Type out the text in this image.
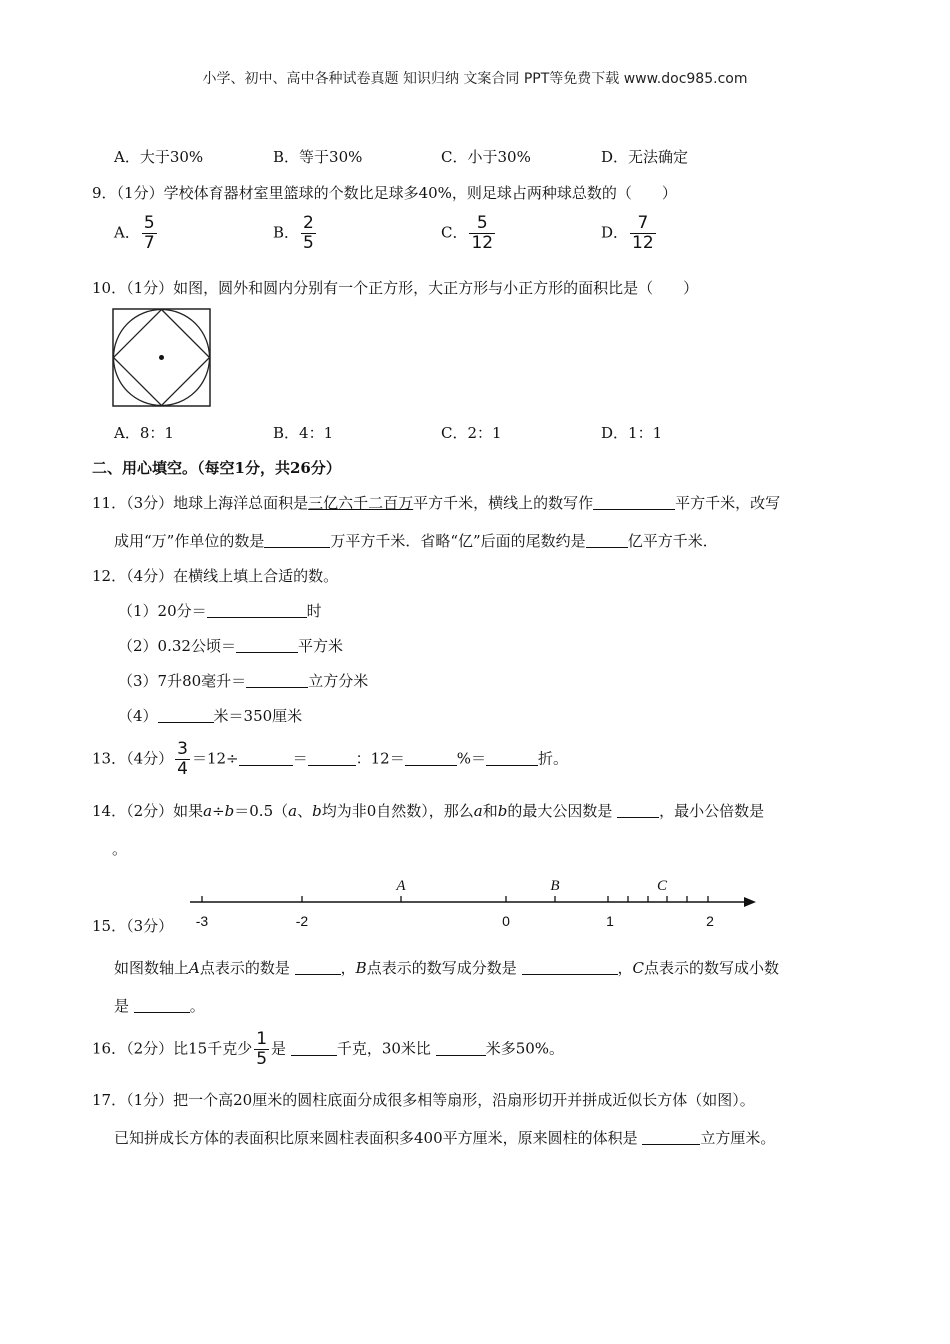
小学、初中、高中各种试卷真题 知识归纳 文案合同 PPT等免费下载 www.doc985.com
A．大于30%	B．等于30%	C．小于30%	D．无法确定
9．（1分）学校体育器材室里篮球的个数比足球多40%，则足球占两种球总数的（　　）
A． $\frac{5}{7}$	B． $\frac{2}{5}$	C． $\frac{5}{12}$	D． $\frac{7}{12}$
10．（1分）如图，圆外和圆内分别有一个正方形，大正方形与小正方形的面积比是（　　）
A．8：1	B．4：1	C．2：1	D．1：1
二、用心填空。（每空1分，共26分）
11．（3分）地球上海洋总面积是三亿六千二百万平方千米，横线上的数写作	平方千米，改写
成用“万”作单位的数是	万平方千米．省略“亿”后面的尾数约是	亿平方千米．
12．（4分）在横线上填上合适的数。
（1）20分＝	时
（2）0.32公顷＝	平方米
（3）7升80毫升＝	立方分米
（4）	米＝350厘米
13．（4分） $\frac{3}{4} =12\div$	＝	：12＝	%＝	折。
14．（2分）如果a÷b＝0.5（a、b均为非0自然数），那么a和b的最大公因数是	，最小公倍数是
。
-3	-2	0	1	2
A	B	C
15．（3分）
如图数轴上A点表示的数是	，B点表示的数写成分数是	，C点表示的数写成小数
是	。
16．（2分）比15千克少 $\frac{1}{5}$ 是	千克，30米比	米多50%。
17．（1分）把一个高20厘米的圆柱底面分成很多相等扇形，沿扇形切开并拼成近似长方体（如图）。
已知拼成长方体的表面积比原来圆柱表面积多400平方厘米，原来圆柱的体积是	立方厘米。
